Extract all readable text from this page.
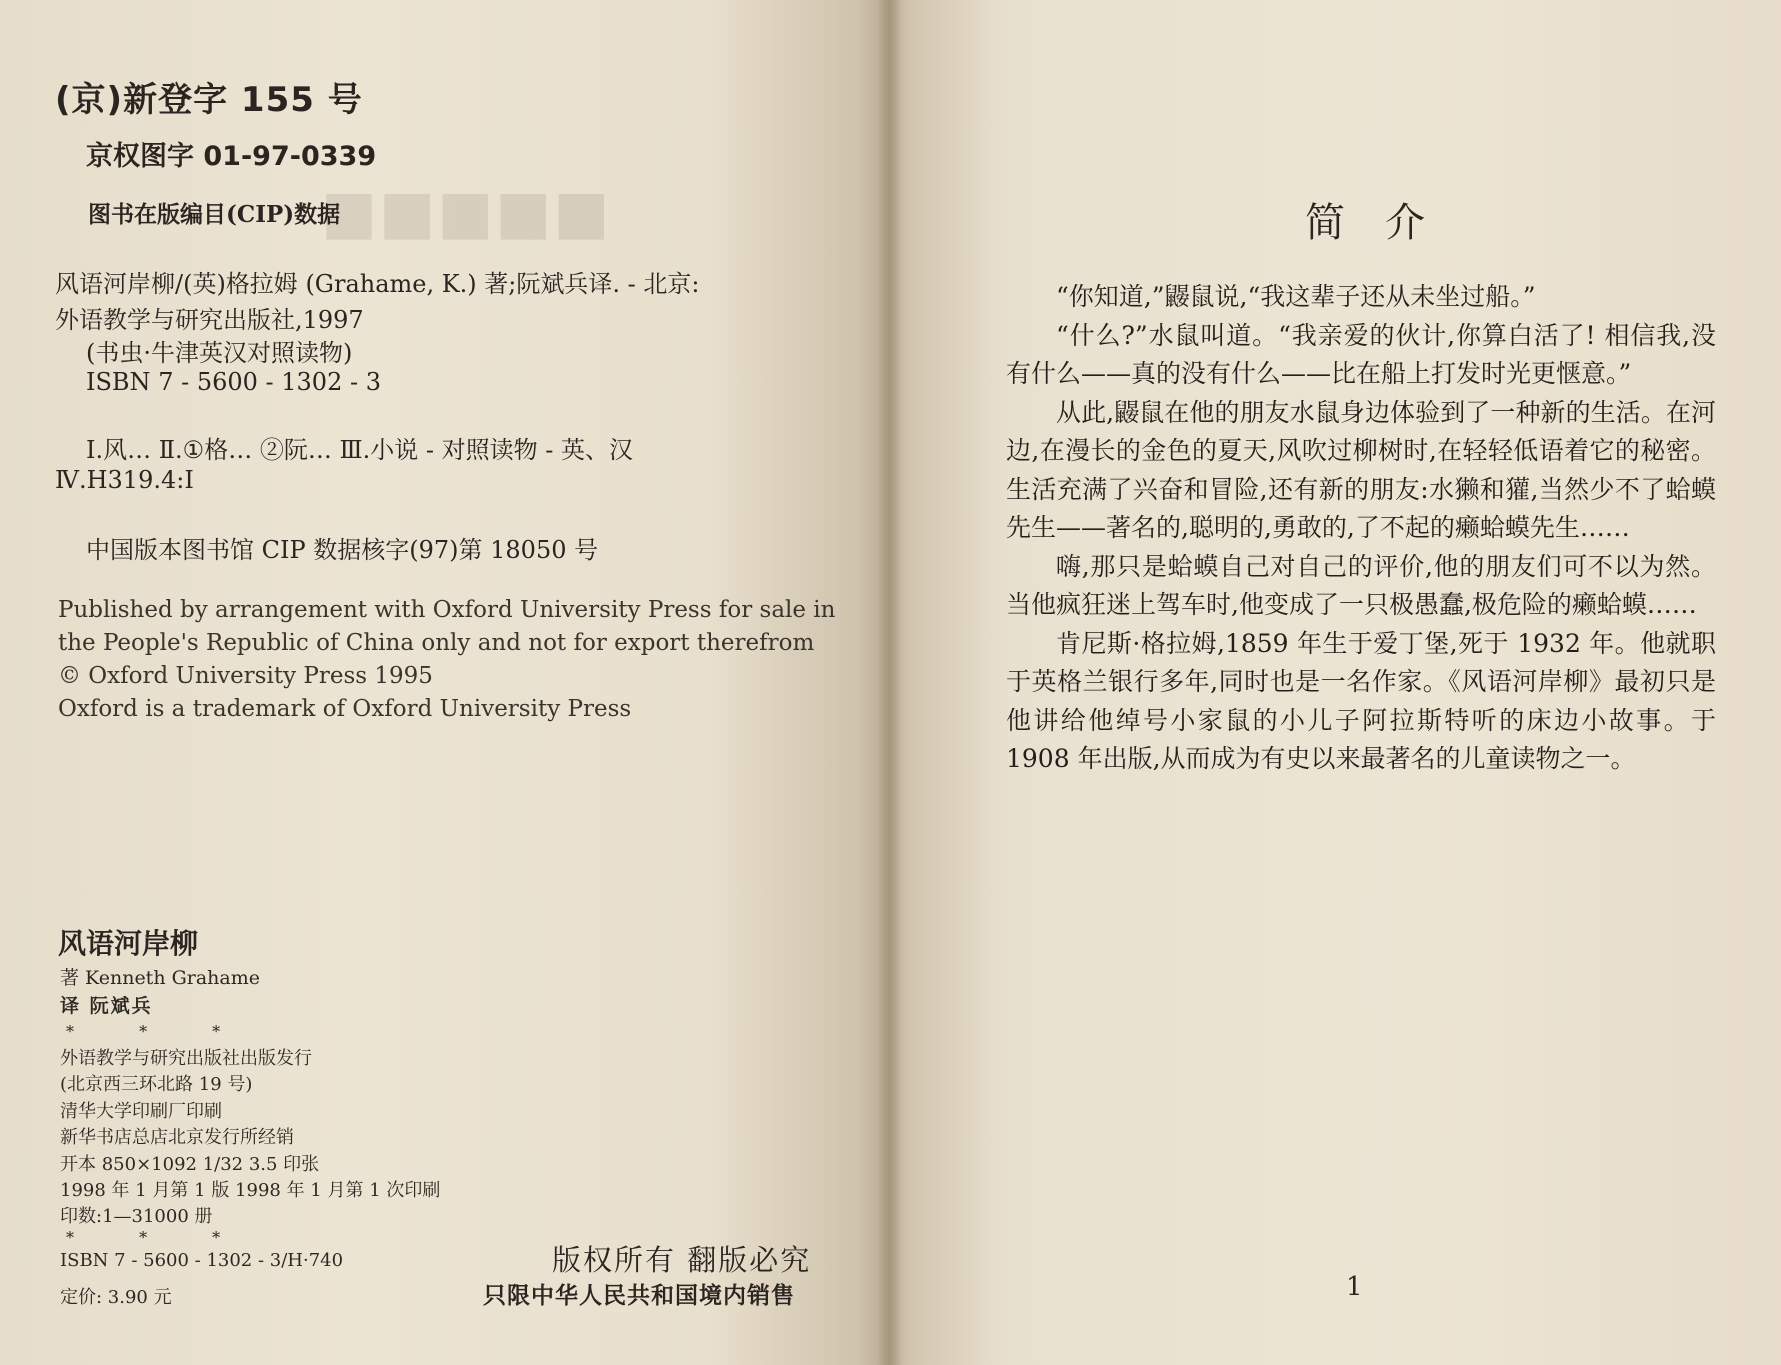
◼◼◼◼◼
(京)新登字 155 号
京权图字 01-97-0339
图书在版编目(CIP)数据
风语河岸柳/(英)格拉姆 (Grahame, K.) 著;阮斌兵译. - 北京:
外语教学与研究出版社,1997
(书虫·牛津英汉对照读物)
ISBN 7 - 5600 - 1302 - 3
Ⅰ.风… Ⅱ.①格… ②阮… Ⅲ.小说 - 对照读物 - 英、汉
Ⅳ.H319.4:Ⅰ
中国版本图书馆 CIP 数据核字(97)第 18050 号
Published by arrangement with Oxford University Press for sale in
the People's Republic of China only and not for export therefrom
© Oxford University Press 1995
Oxford is a trademark of Oxford University Press
风语河岸柳
著 Kenneth Grahame
译 阮斌兵
* * *
外语教学与研究出版社出版发行
(北京西三环北路 19 号)
清华大学印刷厂印刷
新华书店总店北京发行所经销
开本 850×1092 1/32 3.5 印张
1998 年 1 月第 1 版 1998 年 1 月第 1 次印刷
印数:1—31000 册
* * *
ISBN 7 - 5600 - 1302 - 3/H·740
定价: 3.90 元
版权所有 翻版必究
只限中华人民共和国境内销售
简介

“你知道,”鼹鼠说,“我这辈子还从未坐过船。”

“什么?”水鼠叫道。“我亲爱的伙计,你算白活了! 相信我,没有什么——真的没有什么——比在船上打发时光更惬意。”

从此,鼹鼠在他的朋友水鼠身边体验到了一种新的生活。在河边,在漫长的金色的夏天,风吹过柳树时,在轻轻低语着它的秘密。生活充满了兴奋和冒险,还有新的朋友:水獭和獾,当然少不了蛤蟆先生——著名的,聪明的,勇敢的,了不起的癞蛤蟆先生……

嗨,那只是蛤蟆自己对自己的评价,他的朋友们可不以为然。当他疯狂迷上驾车时,他变成了一只极愚蠢,极危险的癞蛤蟆……

肯尼斯·格拉姆,1859 年生于爱丁堡,死于 1932 年。他就职于英格兰银行多年,同时也是一名作家。《风语河岸柳》最初只是他讲给他绰号小家鼠的小儿子阿拉斯特听的床边小故事。于 1908 年出版,从而成为有史以来最著名的儿童读物之一。

1
